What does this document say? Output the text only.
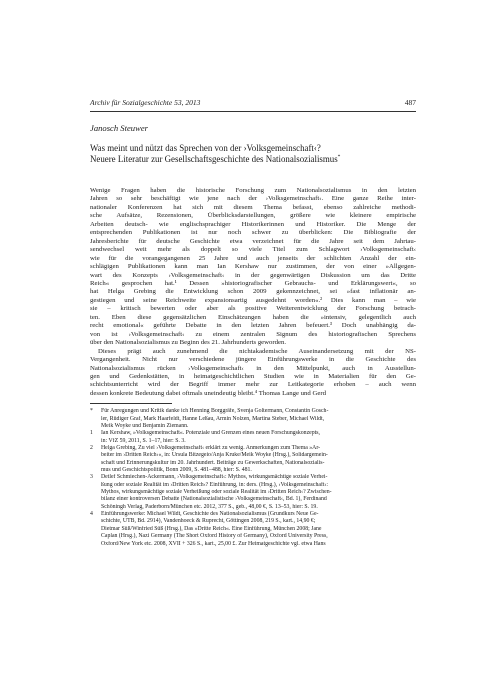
Archiv für Sozialgeschichte 53, 2013	487
Janosch Steuwer
Was meint und nützt das Sprechen von der ›Volksgemeinschaft‹?
Neuere Literatur zur Gesellschaftsgeschichte des Nationalsozialismus*

Wenige Fragen haben die historische Forschung zum Nationalsozialismus in den letzten
Jahren so sehr beschäftigt wie jene nach der ›Volksgemeinschaft‹. Eine ganze Reihe inter-
nationaler Konferenzen hat sich mit diesem Thema befasst, ebenso zahlreiche methodi-
sche Aufsätze, Rezensionen, Überblicksdarstellungen, größere wie kleinere empirische
Arbeiten deutsch- wie englischsprachiger Historikerinnen und Historiker. Die Menge der
entsprechenden Publikationen ist nur noch schwer zu überblicken: Die Bibliografie der
Jahresberichte für deutsche Geschichte etwa verzeichnet für die Jahre seit dem Jahrtau-
sendwechsel weit mehr als doppelt so viele Titel zum Schlagwort ›Volksgemeinschaft‹
wie für die vorangegangenen 25 Jahre und auch jenseits der schlichten Anzahl der ein-
schlägigen Publikationen kann man Ian Kershaw nur zustimmen, der von einer »Allgegen-
wart des Konzepts ›Volksgemeinschaft‹ in der gegenwärtigen Diskussion um das Dritte
Reich« gesprochen hat.¹ Dessen »historiografischer Gebrauchs- und Erklärungswert«, so
hat Helga Grebing die Entwicklung schon 2009 gekennzeichnet, sei »fast inflationär an-
gestiegen und seine Reichweite expansionsartig ausgedehnt worden«.² Dies kann man – wie
sie – kritisch bewerten oder aber als positive Weiterentwicklung der Forschung betrach-
ten. Eben diese gegensätzlichen Einschätzungen haben die »intensiv, gelegentlich auch
recht emotional« geführte Debatte in den letzten Jahren befeuert.³ Doch unabhängig da-
von ist ›Volksgemeinschaft‹ zu einem zentralen Signum des historiografischen Sprechens
über den Nationalsozialismus zu Beginn des 21. Jahrhunderts geworden.

Dieses prägt auch zunehmend die nichtakademische Auseinandersetzung mit der NS-
Vergangenheit. Nicht nur verschiedene jüngere Einführungswerke in die Geschichte des
Nationalsozialismus rücken ›Volksgemeinschaft‹ in den Mittelpunkt, auch in Ausstellun-
gen und Gedenkstätten, in heimatgeschichtlichen Studien wie in Materialien für den Ge-
schichtsunterricht wird der Begriff immer mehr zur Leitkategorie erhoben – auch wenn
dessen konkrete Bedeutung dabei oftmals uneindeutig bleibt.⁴ Thomas Lange und Gerd

* Für Anregungen und Kritik danke ich Henning Borggräfe, Svenja Goltermann, Constantin Gosch-
ler, Rüdiger Graf, Mark Haarfeldt, Hanne Leßau, Armin Nolzen, Martina Steber, Michael Wildt,
Meik Woyke und Benjamin Ziemann.
1 Ian Kershaw, »Volksgemeinschaft«. Potenziale und Grenzen eines neuen Forschungskonzepts,
in: VfZ 59, 2011, S. 1–17, hier: S. 3.
2 Helga Grebing, Zu viel ›Volksgemeinschaft‹ erklärt zu wenig. Anmerkungen zum Thema »Ar-
beiter im ›Dritten Reich‹«, in: Ursula Bitzegeio/Anja Kruke/Meik Woyke (Hrsg.), Solidargemein-
schaft und Erinnerungskultur im 20. Jahrhundert. Beiträge zu Gewerkschaften, Nationalsozialis-
mus und Geschichtspolitik, Bonn 2009, S. 481–488, hier: S. 481.
3 Detlef Schmiechen-Ackermann, ›Volksgemeinschaft‹: Mythos, wirkungsmächtige soziale Verhei-
ßung oder soziale Realität im ›Dritten Reich‹? Einführung, in: ders. (Hrsg.), ›Volksgemeinschaft‹:
Mythos, wirkungsmächtige soziale Verheißung oder soziale Realität im ›Dritten Reich‹? Zwischen-
bilanz einer kontroversen Debatte (Nationalsozialistische ›Volksgemeinschaft‹, Bd. 1), Ferdinand
Schöningh Verlag, Paderborn/München etc. 2012, 377 S., geb., 48,00 €, S. 13–53, hier: S. 19.
4 Einführungswerke: Michael Wildt, Geschichte des Nationalsozialismus (Grundkurs Neue Ge-
schichte, UTB, Bd. 2914), Vandenhoeck & Ruprecht, Göttingen 2008, 219 S., kart., 14,90 €;
Dietmar Süß/Winfried Süß (Hrsg.), Das »Dritte Reich«. Eine Einführung, München 2008; Jane
Caplan (Hrsg.), Nazi Germany (The Short Oxford History of Germany), Oxford University Press,
Oxford/New York etc. 2008, XVII + 326 S., kart., 25,00 £. Zur Heimatgeschichte vgl. etwa Hans
